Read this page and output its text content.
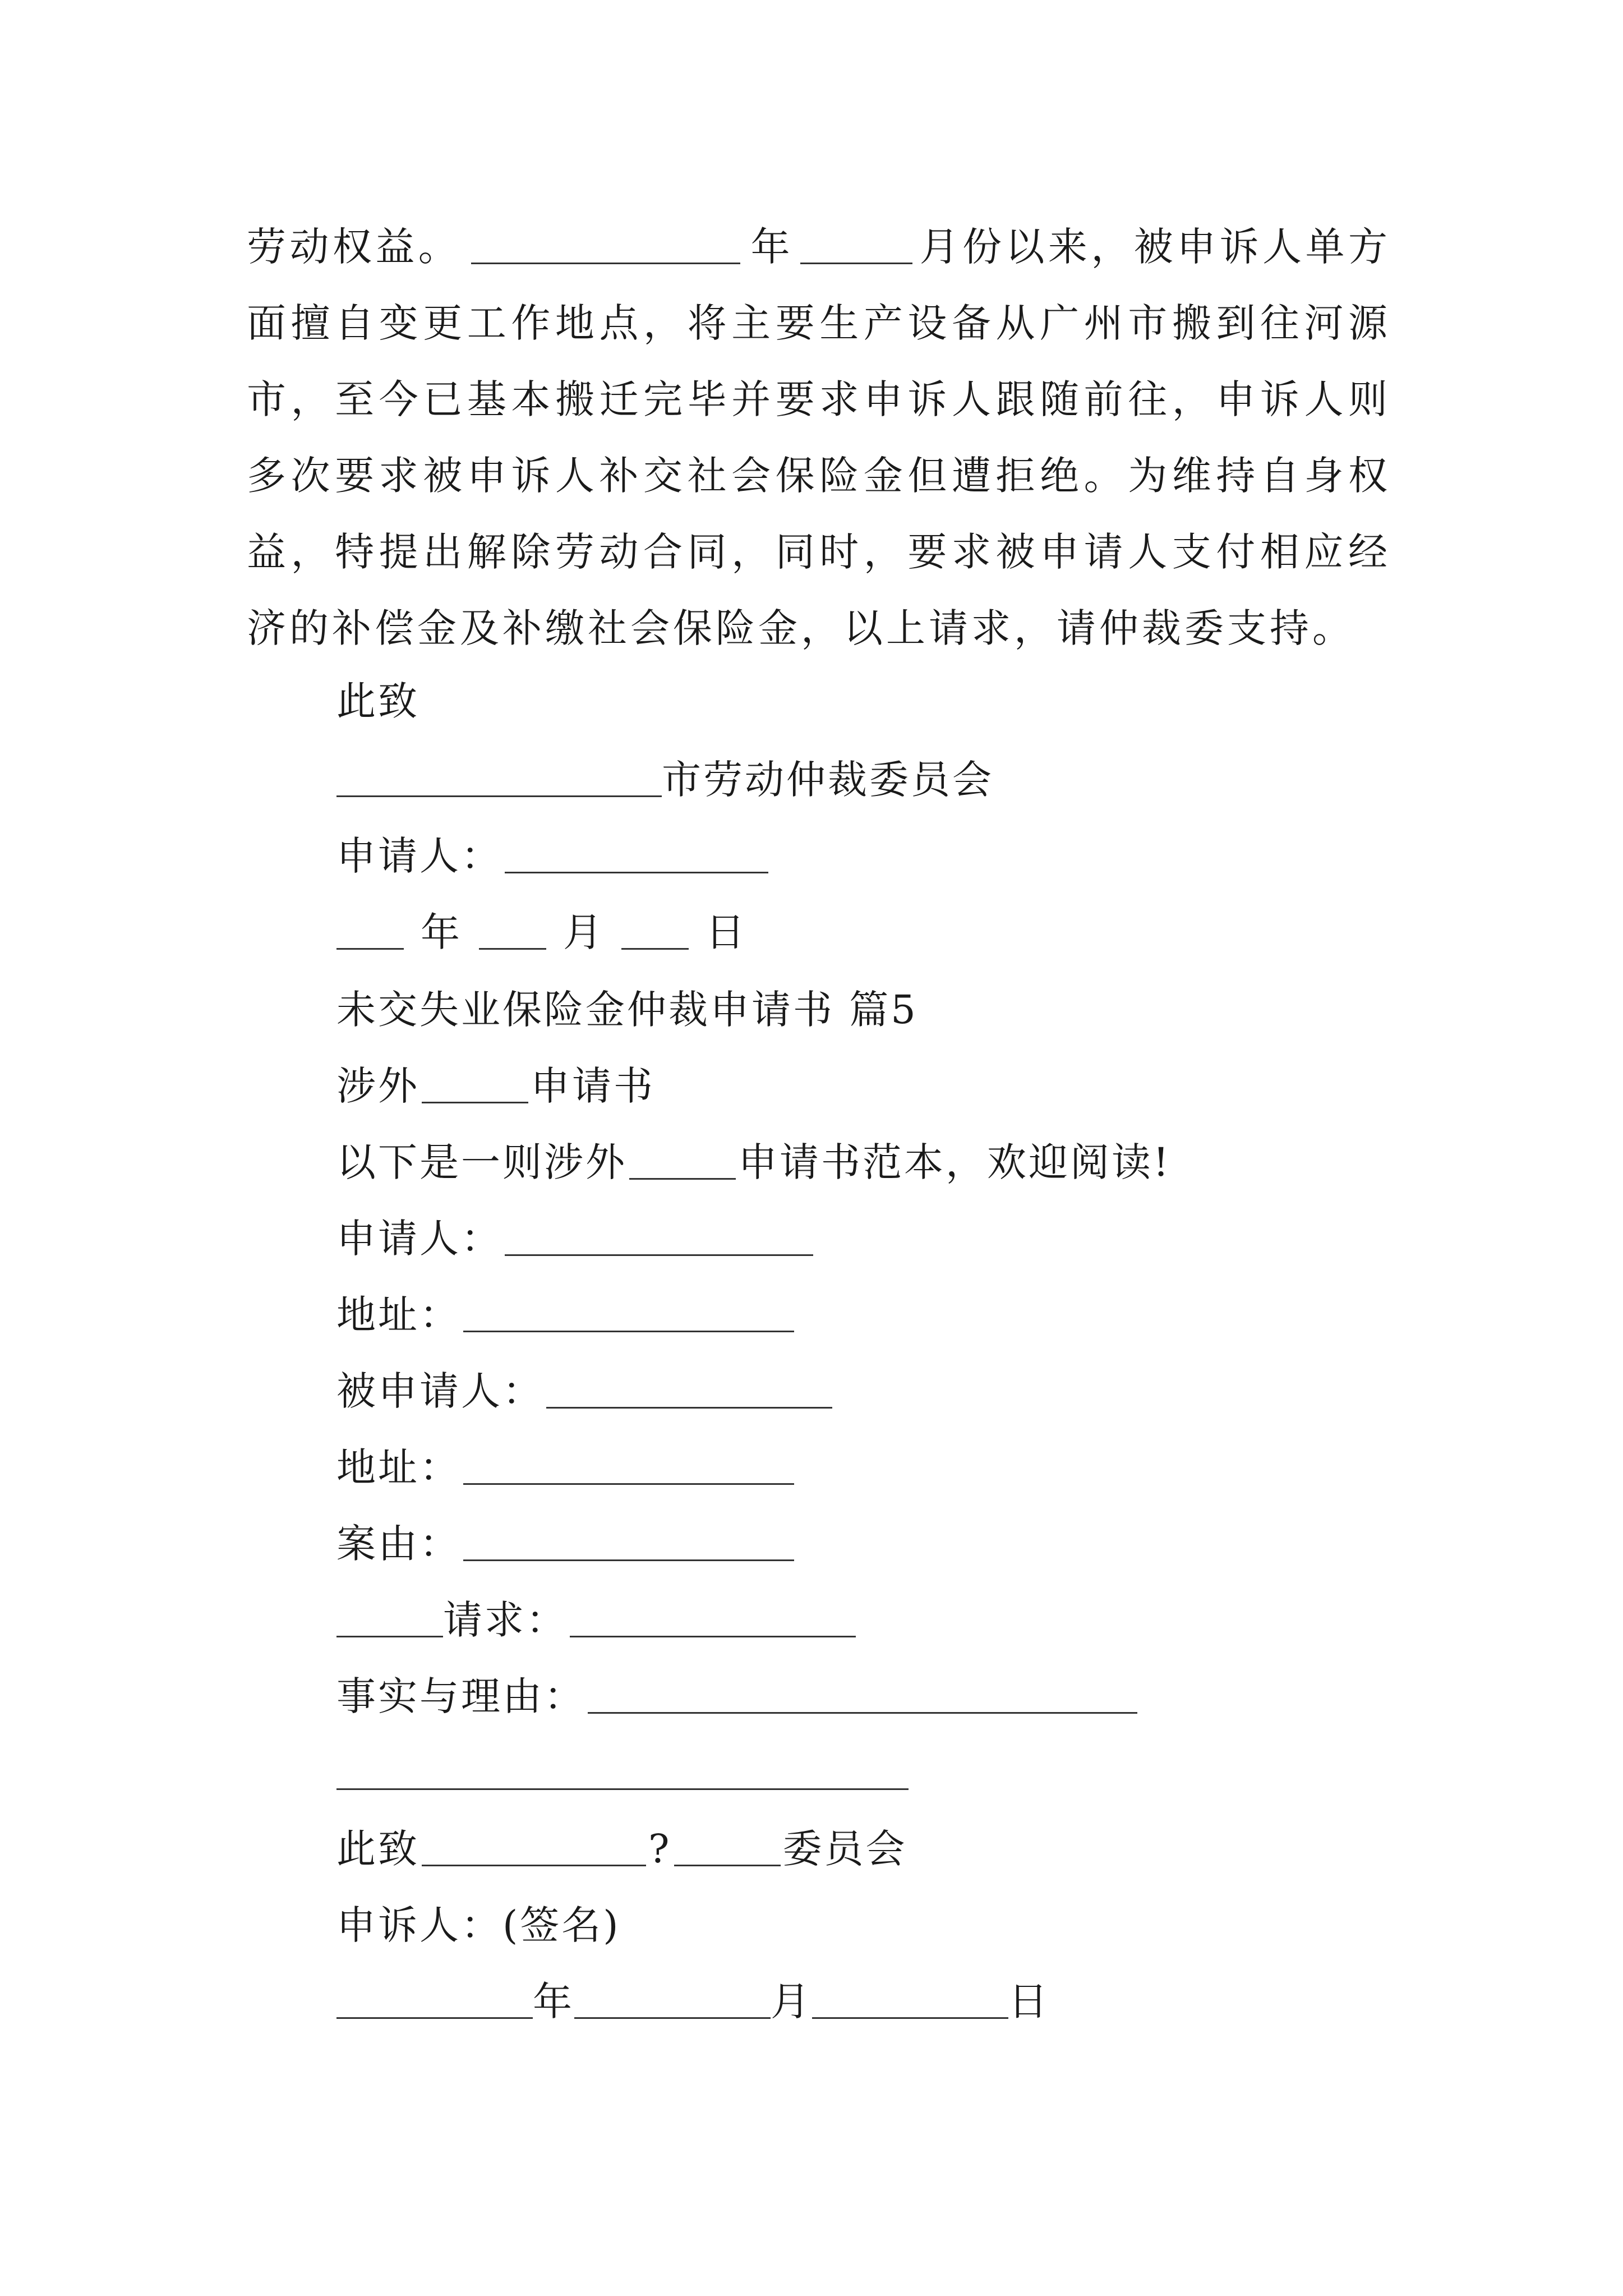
劳动权益。	年	月份以来，被申诉人单方面擅自变更工作地点，将主要生产设备从广州市搬到往河源市，至今已基本搬迁完毕并要求申诉人跟随前往，申诉人则多次要求被申诉人补交社会保险金但遭拒绝。为维持自身权益，特提出解除劳动合同，同时，要求被申请人支付相应经济的补偿金及补缴社会保险金，以上请求，请仲裁委支持。

此致
市劳动仲裁委员会
申请人：
年	月	日
未交失业保险金仲裁申请书 篇5
涉外	申请书
以下是一则涉外	申请书范本，欢迎阅读!
申请人：
地址：
被申请人：
地址：
案由：
请求：
事实与理由：
此致	?	委员会
申诉人：(签名)
年	月	日
